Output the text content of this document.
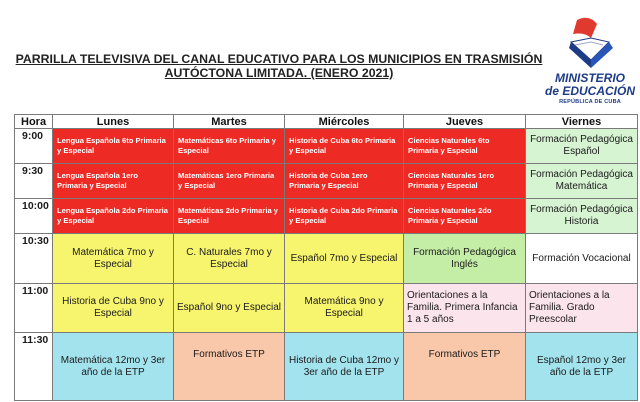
PARRILLA TELEVISIVA DEL CANAL EDUCATIVO PARA LOS MUNICIPIOS EN TRASMISIÓN
AUTÓCTONA LIMITADA. (ENERO 2021)	MINISTERIO
de EDUCACIÓN
REPÚBLICA DE CUBA
Hora	Lunes	Martes	Miércoles	Jueves	Viernes
9:00	Lengua Española 6to Primaria y Especial	Matemáticas 6to Primaria y Especial	Historia de Cuba 6to Primaria y Especial	Ciencias Naturales 6to Primaria y Especial	Formación Pedagógica Español
9:30	Lengua Española 1ero Primaria y Especial	Matemáticas 1ero Primaria y Especial	Historia de Cuba 1ero Primaria y Especial	Ciencias Naturales 1ero Primaria y Especial	Formación Pedagógica Matemática
10:00	Lengua Española 2do Primaria y Especial	Matemáticas 2do Primaria y Especial	Historia de Cuba 2do Primaria y Especial	Ciencias Naturales 2do Primaria y Especial	Formación Pedagógica Historia
10:30	Matemática 7mo y Especial	C. Naturales 7mo y Especial	Español 7mo y Especial	Formación Pedagógica Inglés	Formación Vocacional
11:00	Historia de Cuba 9no y Especial	Español 9no y Especial	Matemática 9no y Especial	Orientaciones a la Familia. Primera Infancia 1 a 5 años	Orientaciones a la Familia. Grado Preescolar
11:30	Matemática 12mo y 3er año de la ETP	Formativos ETP	Historia de Cuba 12mo y 3er año de la ETP	Formativos ETP	Español 12mo y 3er año de la ETP
